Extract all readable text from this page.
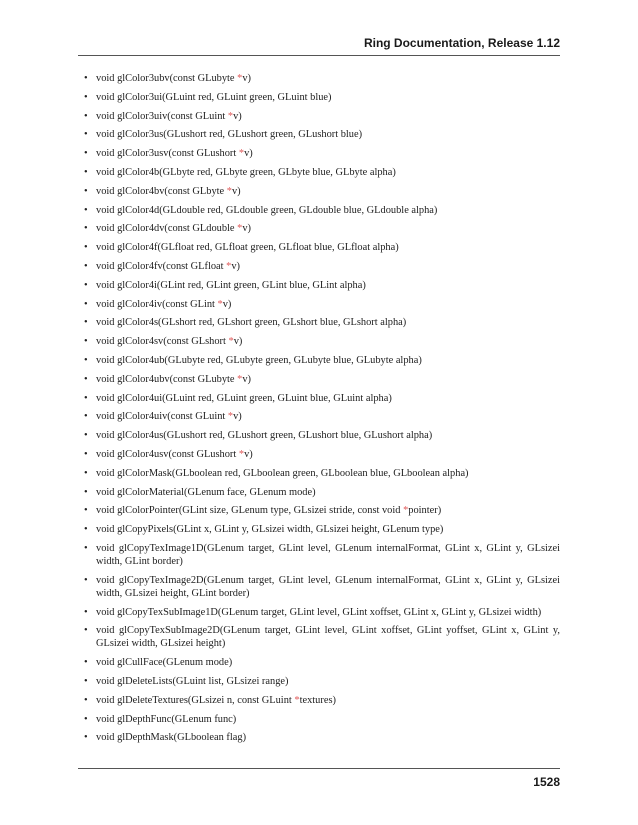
Ring Documentation, Release 1.12
• void glColor3ubv(const GLubyte *v)
• void glColor3ui(GLuint red, GLuint green, GLuint blue)
• void glColor3uiv(const GLuint *v)
• void glColor3us(GLushort red, GLushort green, GLushort blue)
• void glColor3usv(const GLushort *v)
• void glColor4b(GLbyte red, GLbyte green, GLbyte blue, GLbyte alpha)
• void glColor4bv(const GLbyte *v)
• void glColor4d(GLdouble red, GLdouble green, GLdouble blue, GLdouble alpha)
• void glColor4dv(const GLdouble *v)
• void glColor4f(GLfloat red, GLfloat green, GLfloat blue, GLfloat alpha)
• void glColor4fv(const GLfloat *v)
• void glColor4i(GLint red, GLint green, GLint blue, GLint alpha)
• void glColor4iv(const GLint *v)
• void glColor4s(GLshort red, GLshort green, GLshort blue, GLshort alpha)
• void glColor4sv(const GLshort *v)
• void glColor4ub(GLubyte red, GLubyte green, GLubyte blue, GLubyte alpha)
• void glColor4ubv(const GLubyte *v)
• void glColor4ui(GLuint red, GLuint green, GLuint blue, GLuint alpha)
• void glColor4uiv(const GLuint *v)
• void glColor4us(GLushort red, GLushort green, GLushort blue, GLushort alpha)
• void glColor4usv(const GLushort *v)
• void glColorMask(GLboolean red, GLboolean green, GLboolean blue, GLboolean alpha)
• void glColorMaterial(GLenum face, GLenum mode)
• void glColorPointer(GLint size, GLenum type, GLsizei stride, const void *pointer)
• void glCopyPixels(GLint x, GLint y, GLsizei width, GLsizei height, GLenum type)
• void glCopyTexImage1D(GLenum target, GLint level, GLenum internalFormat, GLint x, GLint y, GLsizei width, GLint border)
• void glCopyTexImage2D(GLenum target, GLint level, GLenum internalFormat, GLint x, GLint y, GLsizei width, GLsizei height, GLint border)
• void glCopyTexSubImage1D(GLenum target, GLint level, GLint xoffset, GLint x, GLint y, GLsizei width)
• void glCopyTexSubImage2D(GLenum target, GLint level, GLint xoffset, GLint yoffset, GLint x, GLint y, GLsizei width, GLsizei height)
• void glCullFace(GLenum mode)
• void glDeleteLists(GLuint list, GLsizei range)
• void glDeleteTextures(GLsizei n, const GLuint *textures)
• void glDepthFunc(GLenum func)
• void glDepthMask(GLboolean flag)
1528
